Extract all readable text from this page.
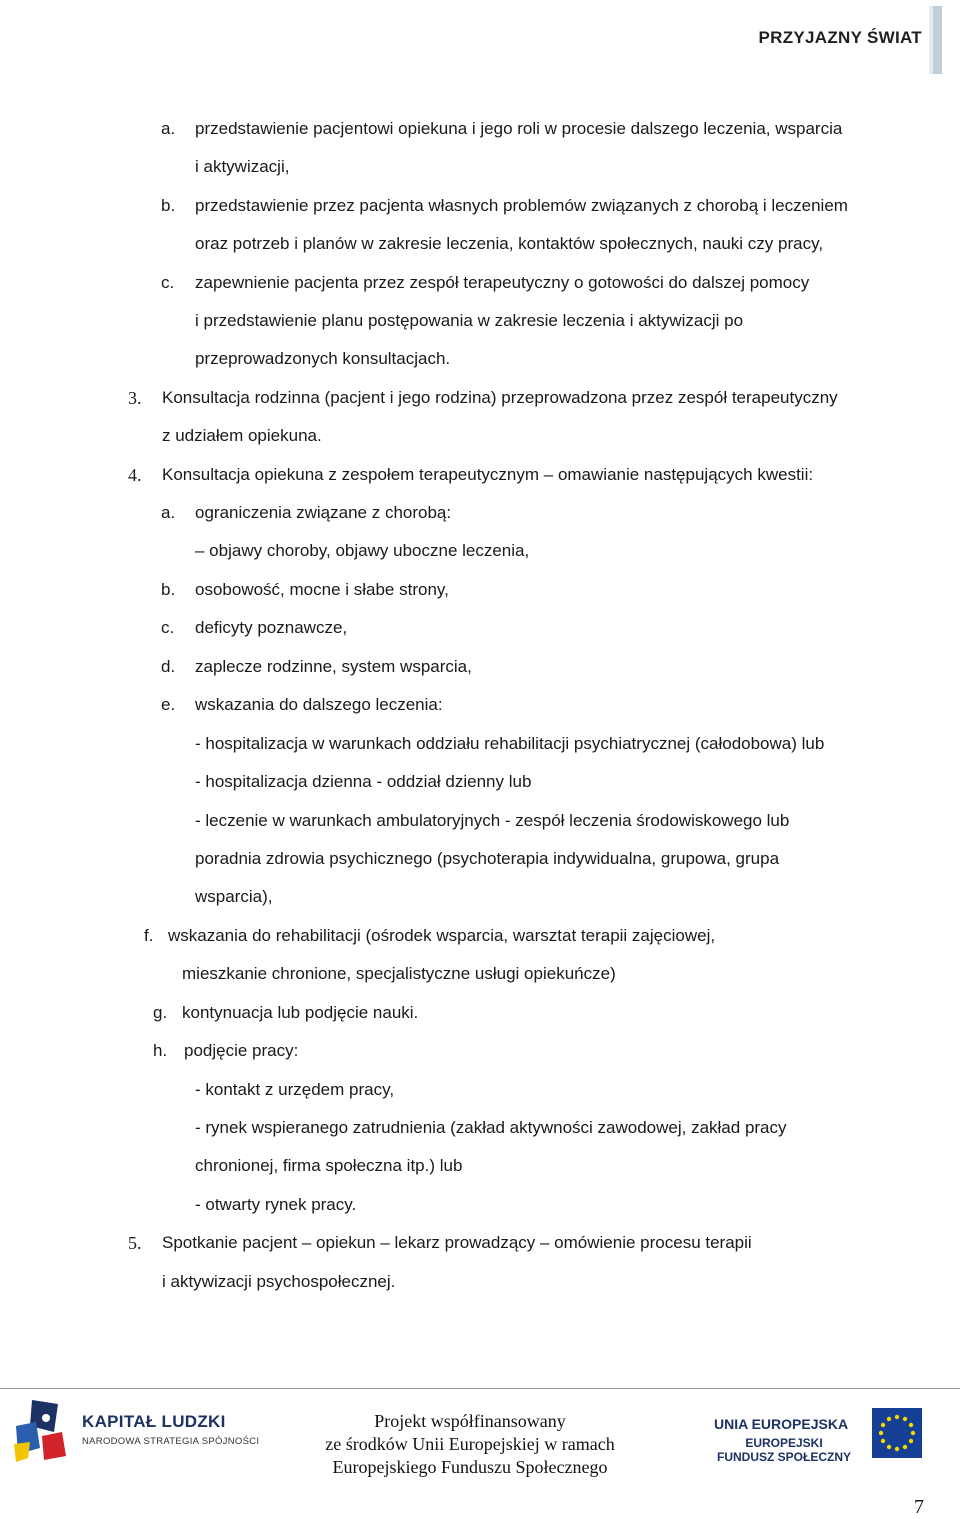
PRZYJAZNY ŚWIAT
a. przedstawienie pacjentowi opiekuna i jego roli w procesie dalszego leczenia, wsparcia
i aktywizacji,
b. przedstawienie przez pacjenta własnych problemów związanych z chorobą i leczeniem
oraz potrzeb i planów w zakresie leczenia, kontaktów społecznych, nauki czy pracy,
c. zapewnienie pacjenta przez zespół terapeutyczny o gotowości do dalszej pomocy
i przedstawienie planu postępowania w zakresie leczenia i aktywizacji po
przeprowadzonych konsultacjach.
3. Konsultacja rodzinna (pacjent i jego rodzina) przeprowadzona przez zespół terapeutyczny
z udziałem opiekuna.
4. Konsultacja opiekuna z zespołem terapeutycznym – omawianie następujących kwestii:
a. ograniczenia związane z chorobą:
– objawy choroby, objawy uboczne leczenia,
b. osobowość, mocne i słabe strony,
c. deficyty poznawcze,
d. zaplecze rodzinne, system wsparcia,
e. wskazania do dalszego leczenia:
- hospitalizacja w warunkach oddziału rehabilitacji psychiatrycznej (całodobowa) lub
- hospitalizacja dzienna - oddział dzienny lub
- leczenie w warunkach ambulatoryjnych - zespół leczenia środowiskowego lub
poradnia zdrowia psychicznego (psychoterapia indywidualna, grupowa, grupa
wsparcia),
f. wskazania do rehabilitacji (ośrodek wsparcia, warsztat terapii zajęciowej,
mieszkanie chronione, specjalistyczne usługi opiekuńcze)
g. kontynuacja lub podjęcie nauki.
h. podjęcie pracy:
- kontakt z urzędem pracy,
- rynek wspieranego zatrudnienia (zakład aktywności zawodowej, zakład pracy
chronionej, firma społeczna itp.) lub
- otwarty rynek pracy.
5. Spotkanie pacjent – opiekun – lekarz prowadzący – omówienie procesu terapii
i aktywizacji psychospołecznej.
KAPITAŁ LUDZKI
NARODOWA STRATEGIA SPÓJNOŚCI
Projekt współfinansowany
ze środków Unii Europejskiej w ramach
Europejskiego Funduszu Społecznego
UNIA EUROPEJSKA
EUROPEJSKI
FUNDUSZ SPOŁECZNY
7
